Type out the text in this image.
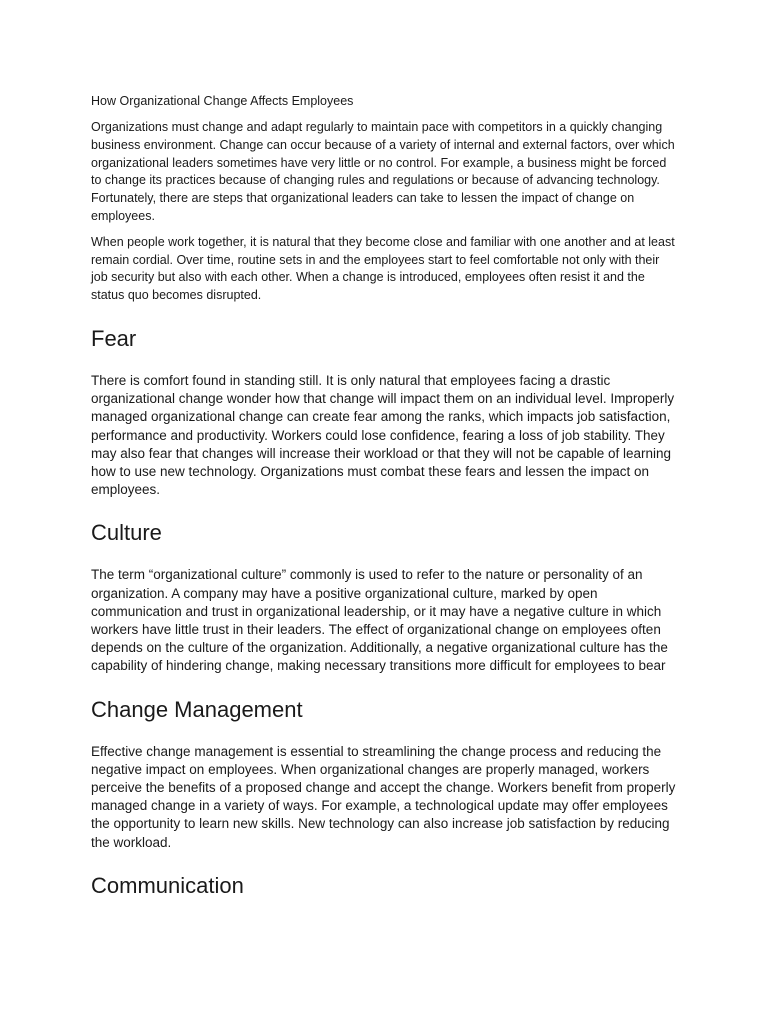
How Organizational Change Affects Employees

Organizations must change and adapt regularly to maintain pace with competitors in a quickly changing business environment. Change can occur because of a variety of internal and external factors, over which organizational leaders sometimes have very little or no control. For example, a business might be forced to change its practices because of changing rules and regulations or because of advancing technology. Fortunately, there are steps that organizational leaders can take to lessen the impact of change on employees.

When people work together, it is natural that they become close and familiar with one another and at least remain cordial. Over time, routine sets in and the employees start to feel comfortable not only with their job security but also with each other. When a change is introduced, employees often resist it and the status quo becomes disrupted.

Fear

There is comfort found in standing still. It is only natural that employees facing a drastic organizational change wonder how that change will impact them on an individual level. Improperly managed organizational change can create fear among the ranks, which impacts job satisfaction, performance and productivity. Workers could lose confidence, fearing a loss of job stability. They may also fear that changes will increase their workload or that they will not be capable of learning how to use new technology. Organizations must combat these fears and lessen the impact on employees.

Culture

The term “organizational culture” commonly is used to refer to the nature or personality of an organization. A company may have a positive organizational culture, marked by open communication and trust in organizational leadership, or it may have a negative culture in which workers have little trust in their leaders. The effect of organizational change on employees often depends on the culture of the organization. Additionally, a negative organizational culture has the capability of hindering change, making necessary transitions more difficult for employees to bear

Change Management

Effective change management is essential to streamlining the change process and reducing the negative impact on employees. When organizational changes are properly managed, workers perceive the benefits of a proposed change and accept the change. Workers benefit from properly managed change in a variety of ways. For example, a technological update may offer employees the opportunity to learn new skills. New technology can also increase job satisfaction by reducing the workload.

Communication
